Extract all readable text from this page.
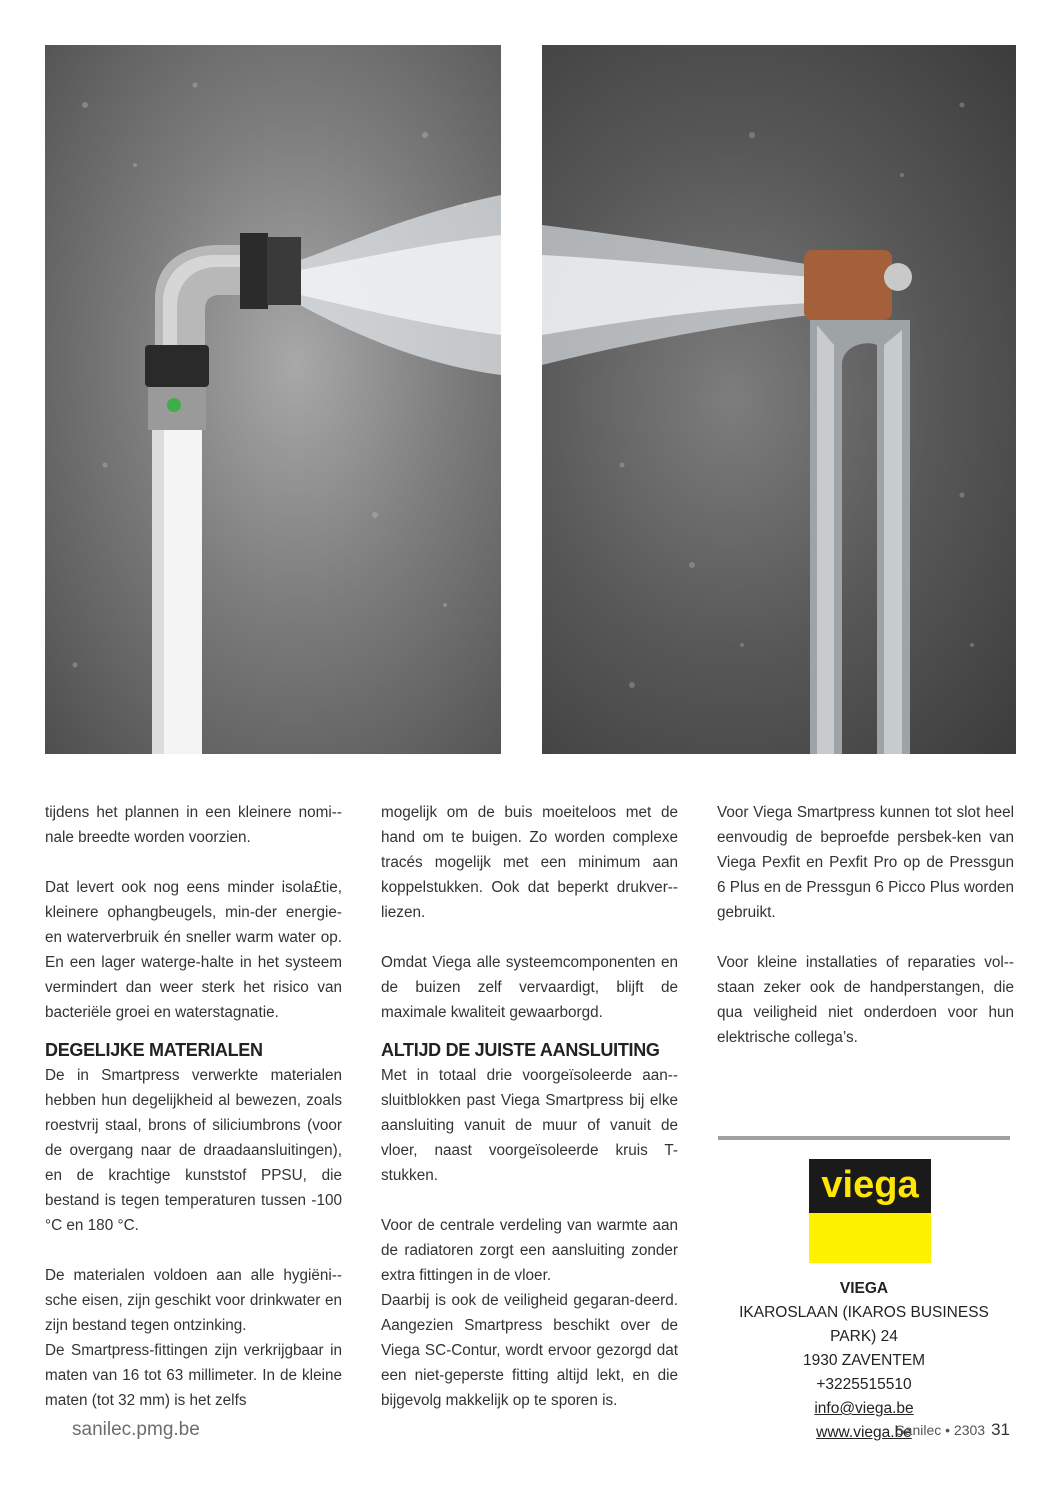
tijdens het plannen in een kleinere nomi-nale breedte worden voorzien.

Dat levert ook nog eens minder isola£tie, kleinere ophangbeugels, min-der energie- en waterverbruik én sneller warm water op. En een lager waterge-halte in het systeem vermindert dan weer sterk het risico van bacteriële groei en waterstagnatie.

DEGELIJKE MATERIALEN

De in Smartpress verwerkte materialen hebben hun degelijkheid al bewezen, zoals roestvrij staal, brons of siliciumbrons (voor de overgang naar de draadaansluitingen), en de krachtige kunststof PPSU, die bestand is tegen temperaturen tussen -100 °C en 180 °C.

De materialen voldoen aan alle hygiëni-sche eisen, zijn geschikt voor drinkwater en zijn bestand tegen ontzinking.

De Smartpress-fittingen zijn verkrijgbaar in maten van 16 tot 63 millimeter. In de kleine maten (tot 32 mm) is het zelfs

mogelijk om de buis moeiteloos met de hand om te buigen. Zo worden complexe tracés mogelijk met een minimum aan koppelstukken. Ook dat beperkt drukver-liezen.

Omdat Viega alle systeemcomponenten en de buizen zelf vervaardigt, blijft de maximale kwaliteit gewaarborgd.

ALTIJD DE JUISTE AANSLUITING

Met in totaal drie voorgeïsoleerde aan-sluitblokken past Viega Smartpress bij elke aansluiting vanuit de muur of vanuit de vloer, naast voorgeïsoleerde kruis T-stukken.

Voor de centrale verdeling van warmte aan de radiatoren zorgt een aansluiting zonder extra fittingen in de vloer.

Daarbij is ook de veiligheid gegaran-deerd. Aangezien Smartpress beschikt over de Viega SC-Contur, wordt ervoor gezorgd dat een niet-geperste fitting altijd lekt, en die bijgevolg makkelijk op te sporen is.

Voor Viega Smartpress kunnen tot slot heel eenvoudig de beproefde persbek-ken van Viega Pexfit en Pexfit Pro op de Pressgun 6 Plus en de Pressgun 6 Picco Plus worden gebruikt.

Voor kleine installaties of reparaties vol-staan zeker ook de handperstangen, die qua veiligheid niet onderdoen voor hun elektrische collega’s.

viega
VIEGA
IKAROSLAAN (IKAROS BUSINESS PARK) 24
1930 ZAVENTEM
+3225515510
info@viega.be
www.viega.be
sanilec.pmg.be	Sanilec • 2303 31
